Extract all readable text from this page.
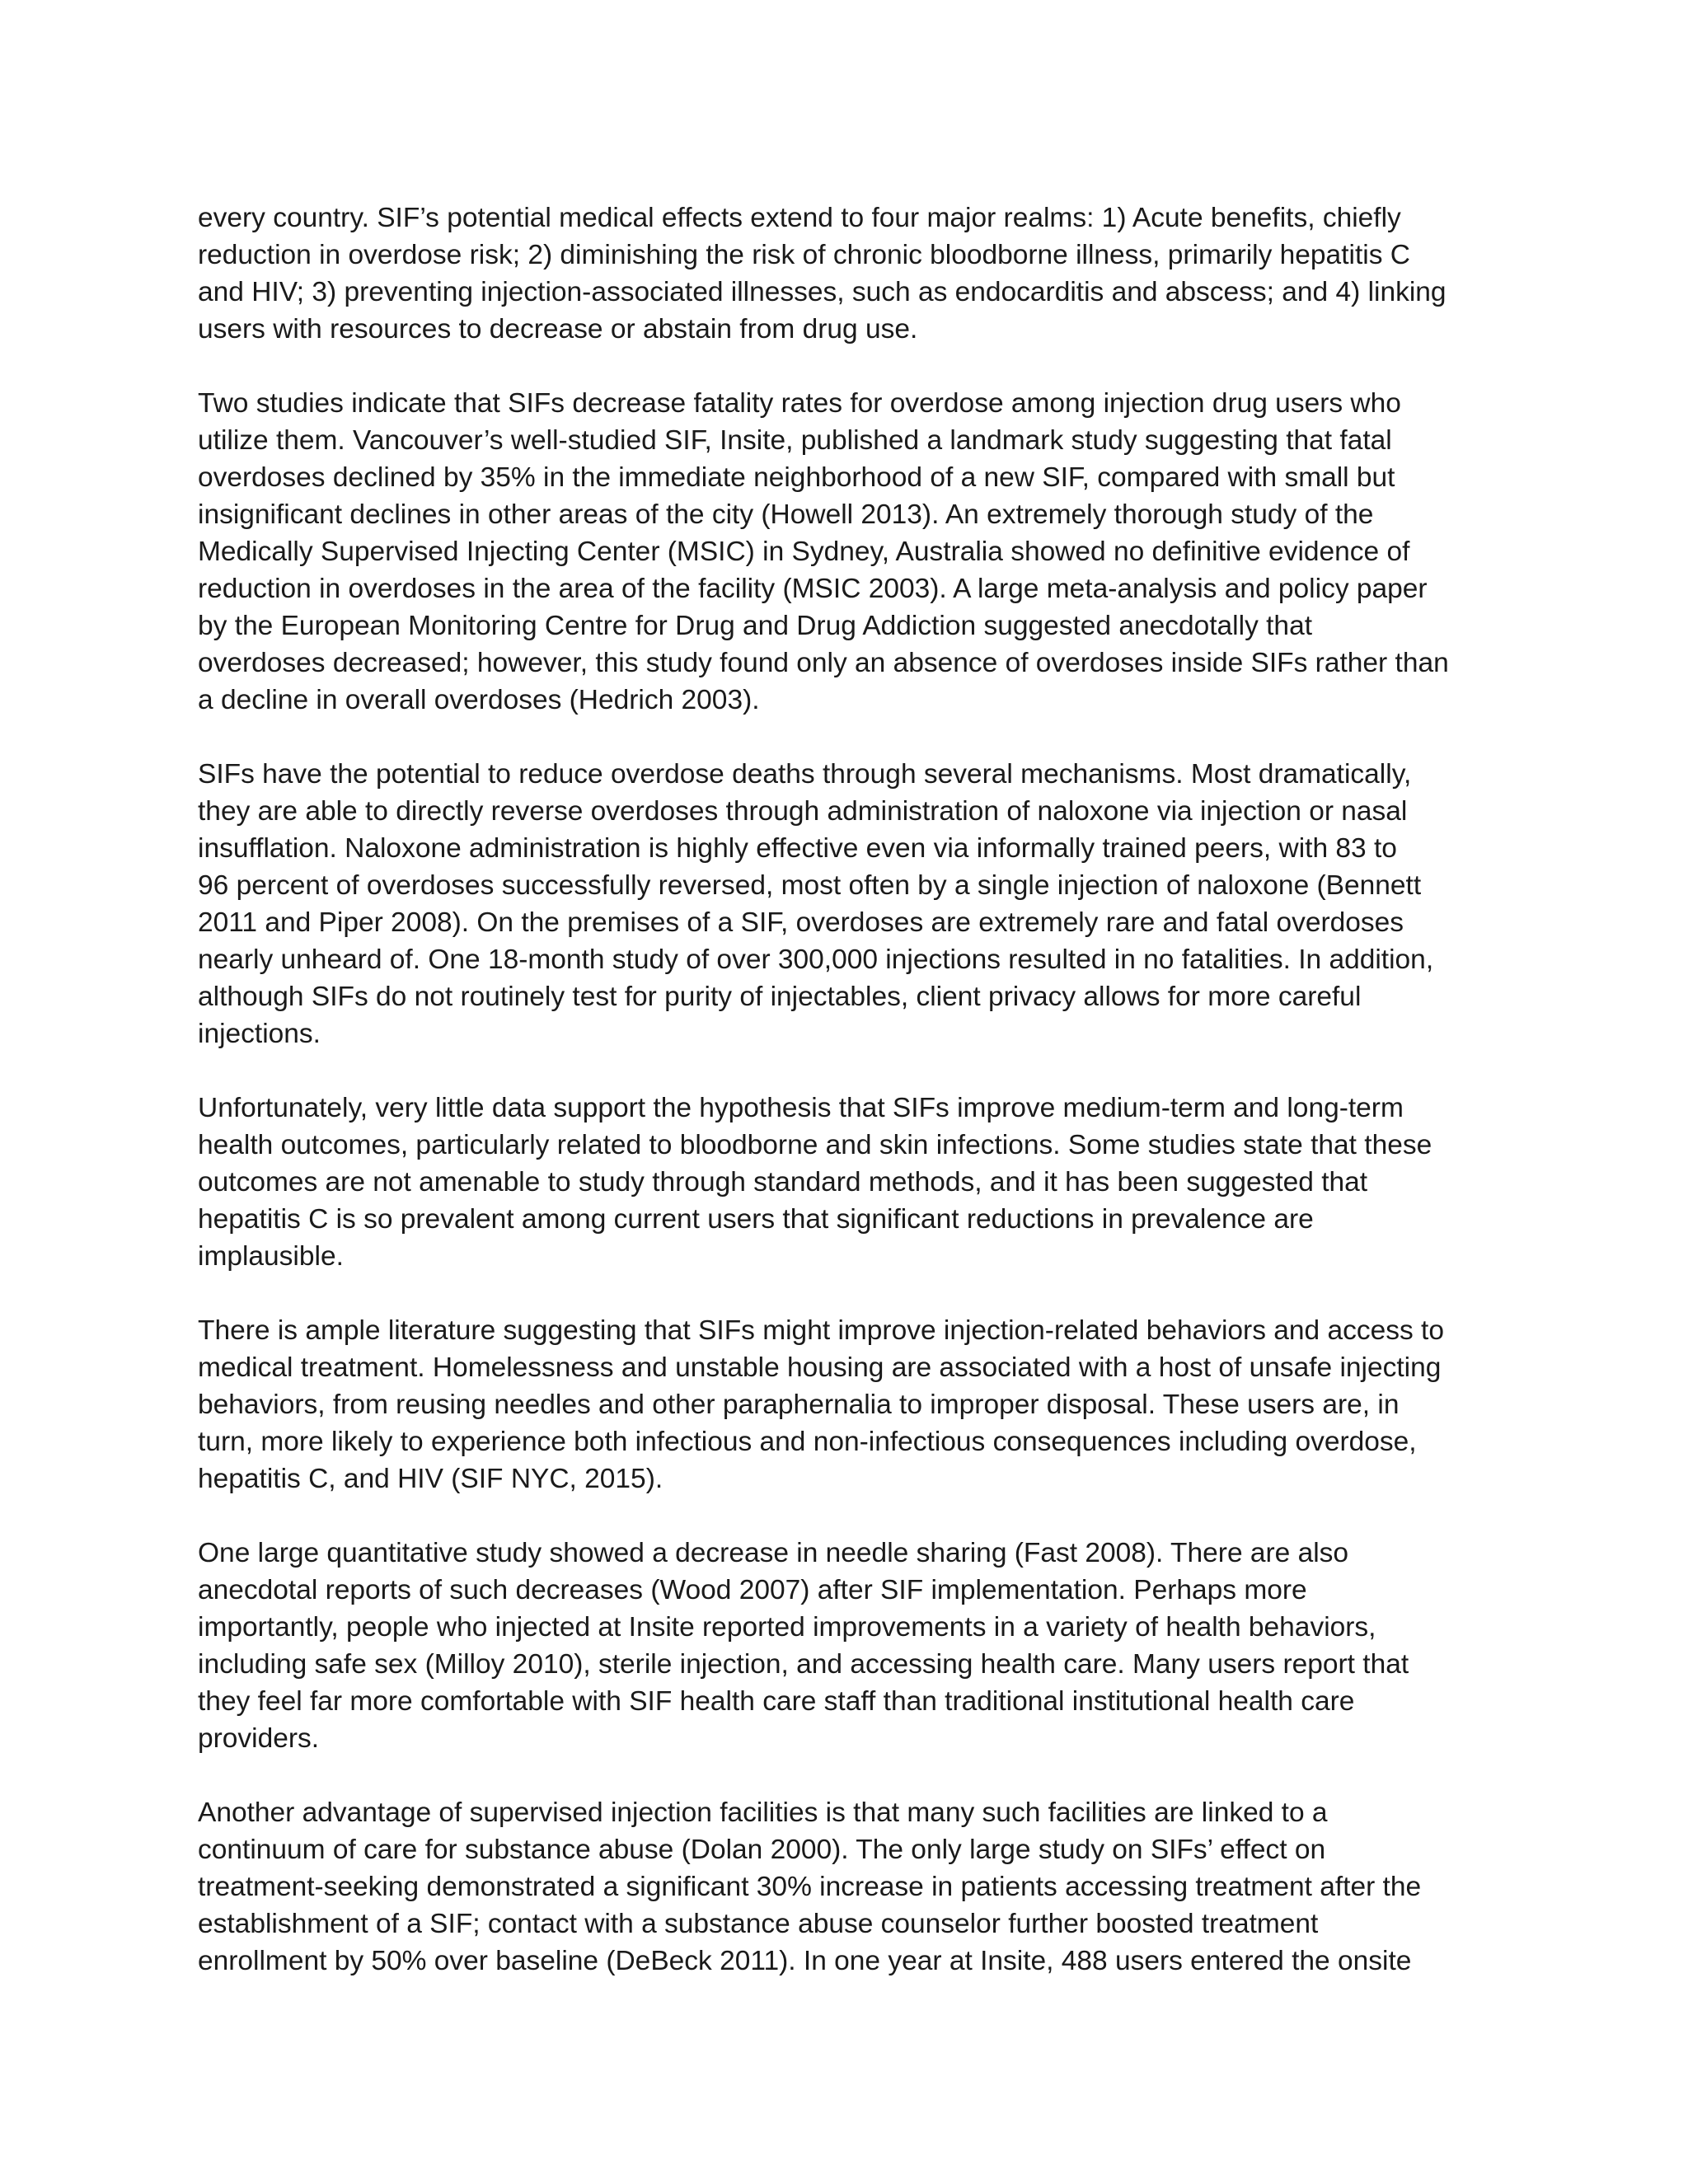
every country. SIF’s potential medical effects extend to four major realms: 1) Acute benefits, chiefly
reduction in overdose risk; 2) diminishing the risk of chronic bloodborne illness, primarily hepatitis C
and HIV; 3) preventing injection-associated illnesses, such as endocarditis and abscess; and 4) linking
users with resources to decrease or abstain from drug use.
Two studies indicate that SIFs decrease fatality rates for overdose among injection drug users who
utilize them. Vancouver’s well-studied SIF, Insite, published a landmark study suggesting that fatal
overdoses declined by 35% in the immediate neighborhood of a new SIF, compared with small but
insignificant declines in other areas of the city (Howell 2013). An extremely thorough study of the
Medically Supervised Injecting Center (MSIC) in Sydney, Australia showed no definitive evidence of
reduction in overdoses in the area of the facility (MSIC 2003). A large meta-analysis and policy paper
by the European Monitoring Centre for Drug and Drug Addiction suggested anecdotally that
overdoses decreased; however, this study found only an absence of overdoses inside SIFs rather than
a decline in overall overdoses (Hedrich 2003).
SIFs have the potential to reduce overdose deaths through several mechanisms. Most dramatically,
they are able to directly reverse overdoses through administration of naloxone via injection or nasal
insufflation. Naloxone administration is highly effective even via informally trained peers, with 83 to
96 percent of overdoses successfully reversed, most often by a single injection of naloxone (Bennett
2011 and Piper 2008). On the premises of a SIF, overdoses are extremely rare and fatal overdoses
nearly unheard of. One 18-month study of over 300,000 injections resulted in no fatalities. In addition,
although SIFs do not routinely test for purity of injectables, client privacy allows for more careful
injections.
Unfortunately, very little data support the hypothesis that SIFs improve medium-term and long-term
health outcomes, particularly related to bloodborne and skin infections. Some studies state that these
outcomes are not amenable to study through standard methods, and it has been suggested that
hepatitis C is so prevalent among current users that significant reductions in prevalence are
implausible.
There is ample literature suggesting that SIFs might improve injection-related behaviors and access to
medical treatment. Homelessness and unstable housing are associated with a host of unsafe injecting
behaviors, from reusing needles and other paraphernalia to improper disposal. These users are, in
turn, more likely to experience both infectious and non-infectious consequences including overdose,
hepatitis C, and HIV (SIF NYC, 2015).
One large quantitative study showed a decrease in needle sharing (Fast 2008). There are also
anecdotal reports of such decreases (Wood 2007) after SIF implementation. Perhaps more
importantly, people who injected at Insite reported improvements in a variety of health behaviors,
including safe sex (Milloy 2010), sterile injection, and accessing health care. Many users report that
they feel far more comfortable with SIF health care staff than traditional institutional health care
providers.
Another advantage of supervised injection facilities is that many such facilities are linked to a
continuum of care for substance abuse (Dolan 2000). The only large study on SIFs’ effect on
treatment-seeking demonstrated a significant 30% increase in patients accessing treatment after the
establishment of a SIF; contact with a substance abuse counselor further boosted treatment
enrollment by 50% over baseline (DeBeck 2011). In one year at Insite, 488 users entered the onsite
